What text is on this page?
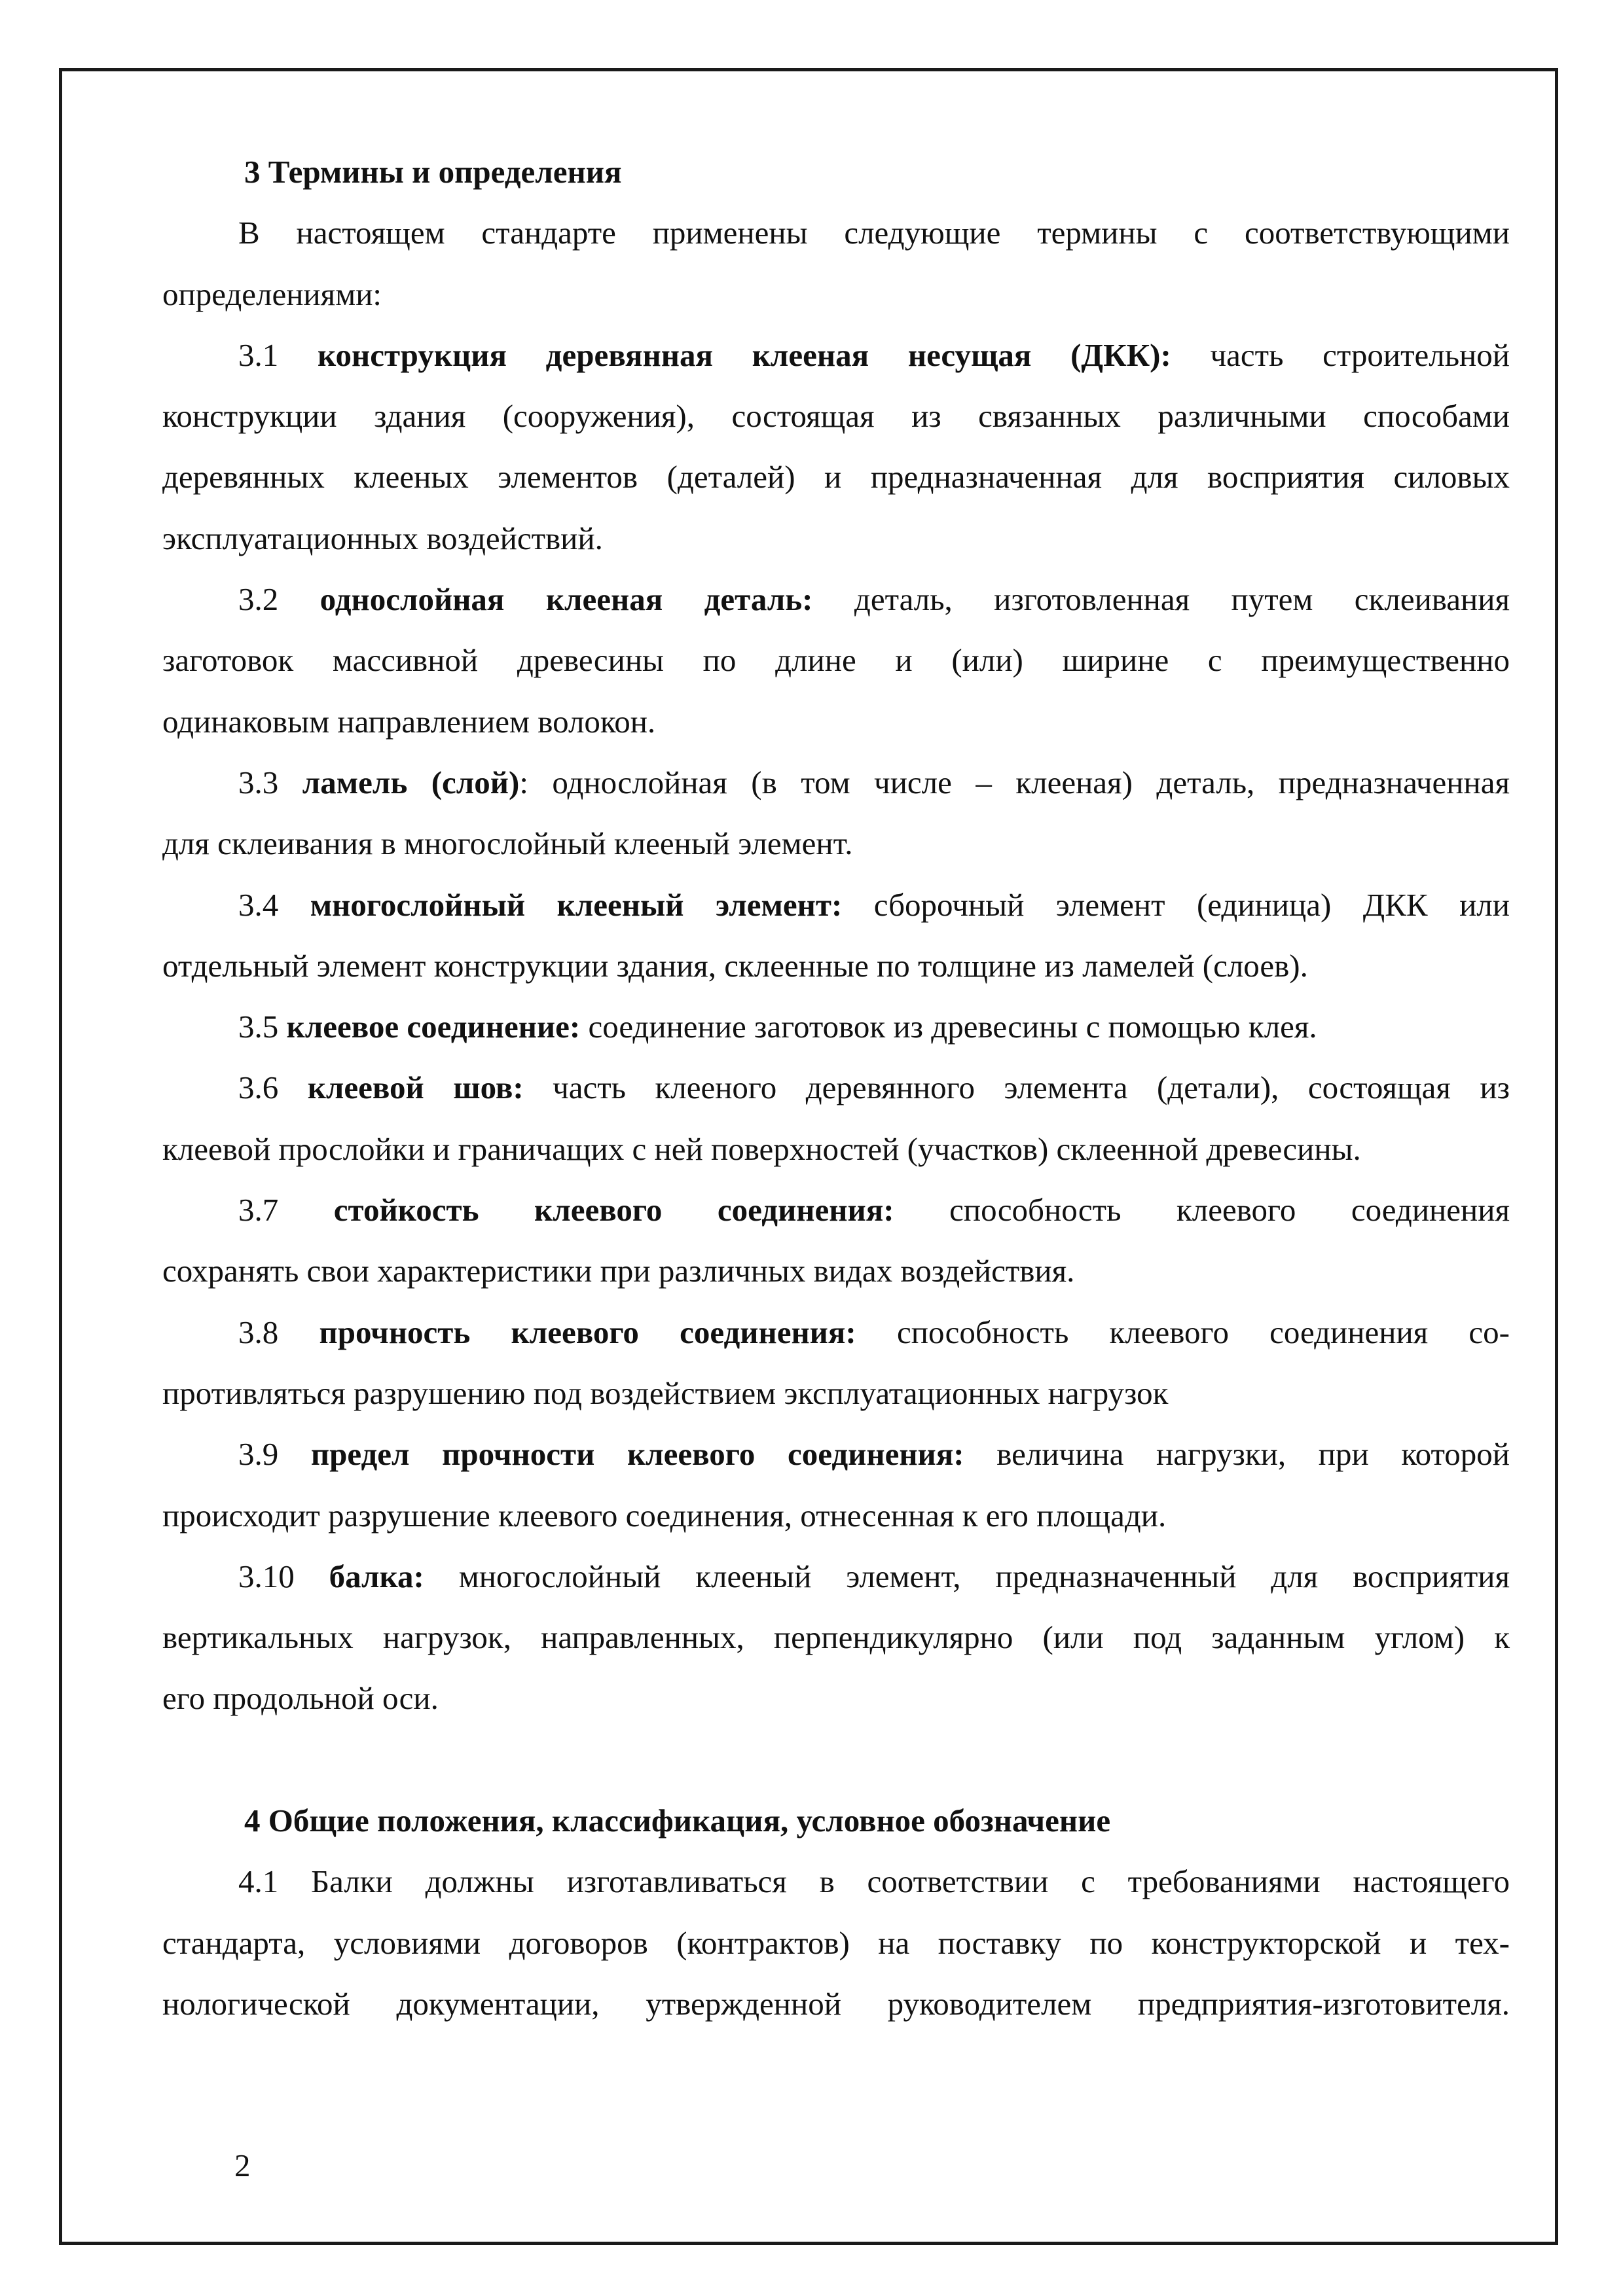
3 Термины и определения
В настоящем стандарте применены следующие термины с соответствующими
определениями:
3.1 конструкция деревянная клееная несущая (ДКК): часть строительной
конструкции здания (сооружения), состоящая из связанных различными способами
деревянных клееных элементов (деталей) и предназначенная для восприятия силовых
эксплуатационных воздействий.
3.2 однослойная клееная деталь: деталь, изготовленная путем склеивания
заготовок массивной древесины по длине и (или) ширине с преимущественно
одинаковым направлением волокон.
3.3 ламель (слой): однослойная (в том числе – клееная) деталь, предназначенная
для склеивания в многослойный клееный элемент.
3.4 многослойный клееный элемент: сборочный элемент (единица) ДКК или
отдельный элемент конструкции здания, склеенные по толщине из ламелей (слоев).
3.5 клеевое соединение: соединение заготовок из древесины с помощью клея.
3.6 клеевой шов: часть клееного деревянного элемента (детали), состоящая из
клеевой прослойки и граничащих с ней поверхностей (участков) склеенной древесины.
3.7 стойкость клеевого соединения: способность клеевого соединения
сохранять свои характеристики при различных видах воздействия.
3.8 прочность клеевого соединения: способность клеевого соединения со-
противляться разрушению под воздействием эксплуатационных нагрузок
3.9 предел прочности клеевого соединения: величина нагрузки, при которой
происходит разрушение клеевого соединения, отнесенная к его площади.
3.10 балка: многослойный клееный элемент, предназначенный для восприятия
вертикальных нагрузок, направленных, перпендикулярно (или под заданным углом) к
его продольной оси.
4 Общие положения, классификация, условное обозначение
4.1 Балки должны изготавливаться в соответствии с требованиями настоящего
стандарта, условиями договоров (контрактов) на поставку по конструкторской и тех-
нологической документации, утвержденной руководителем предприятия-изготовителя.
2
